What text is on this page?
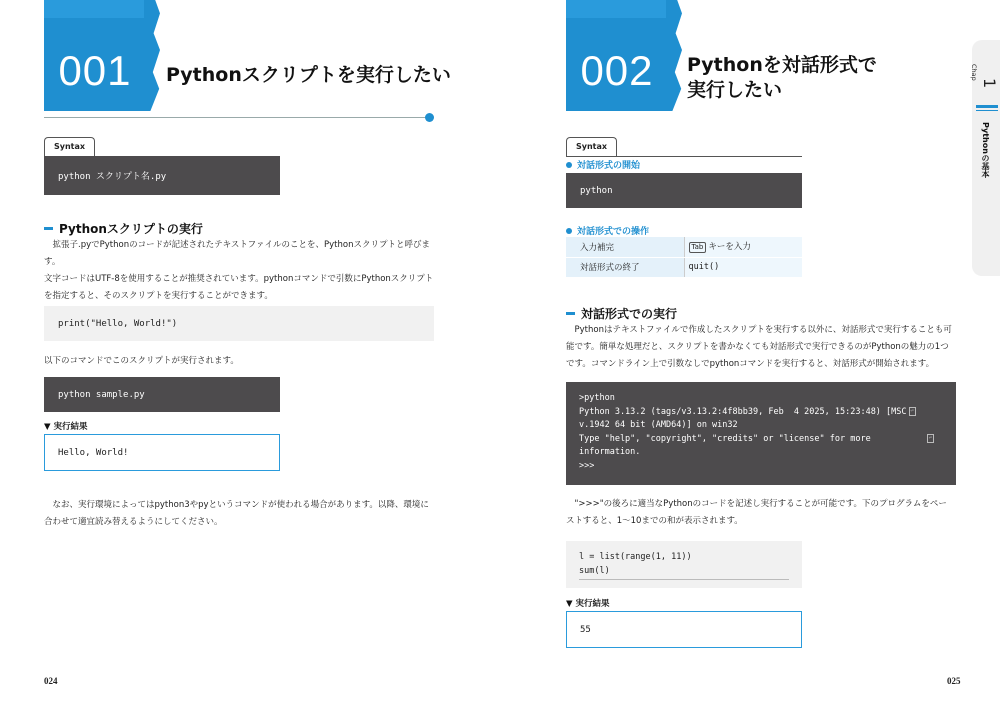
001 Pythonスクリプトを実行したい
Syntax
python スクリプト名.py
Pythonスクリプトの実行
　拡張子.pyでPythonのコードが記述されたテキストファイルのことを、Pythonスクリプトと呼びます。
文字コードはUTF-8を使用することが推奨されています。pythonコマンドで引数にPythonスクリプト
を指定すると、そのスクリプトを実行することができます。
print("Hello, World!")
以下のコマンドでこのスクリプトが実行されます。
python sample.py
▼ 実行結果
Hello, World!
　なお、実行環境によってはpython3やpyというコマンドが使われる場合があります。以降、環境に
合わせて適宜読み替えるようにしてください。
024
002 Pythonを対話形式で
実行したい
Syntax
対話形式の開始
python
対話形式での操作
入力補完	Tab キーを入力
対話形式の終了	quit()
対話形式での実行
　Pythonはテキストファイルで作成したスクリプトを実行する以外に、対話形式で実行することも可
能です。簡単な処理だと、スクリプトを書かなくても対話形式で実行できるのがPythonの魅力の1つ
です。コマンドライン上で引数なしでpythonコマンドを実行すると、対話形式が開始されます。
>python
Python 3.13.2 (tags/v3.13.2:4f8bb39, Feb  4 2025, 15:23:48) [MSC ⏎
v.1942 64 bit (AMD64)] on win32
Type "help", "copyright", "credits" or "license" for more	⏎
information.
>>>
　">>>"の後ろに適当なPythonのコードを記述し実行することが可能です。下のプログラムをペー
ストすると、1～10までの和が表示されます。
l = list(range(1, 11))
sum(l)
▼ 実行結果
55
025
Chap
1
Pythonの基本
